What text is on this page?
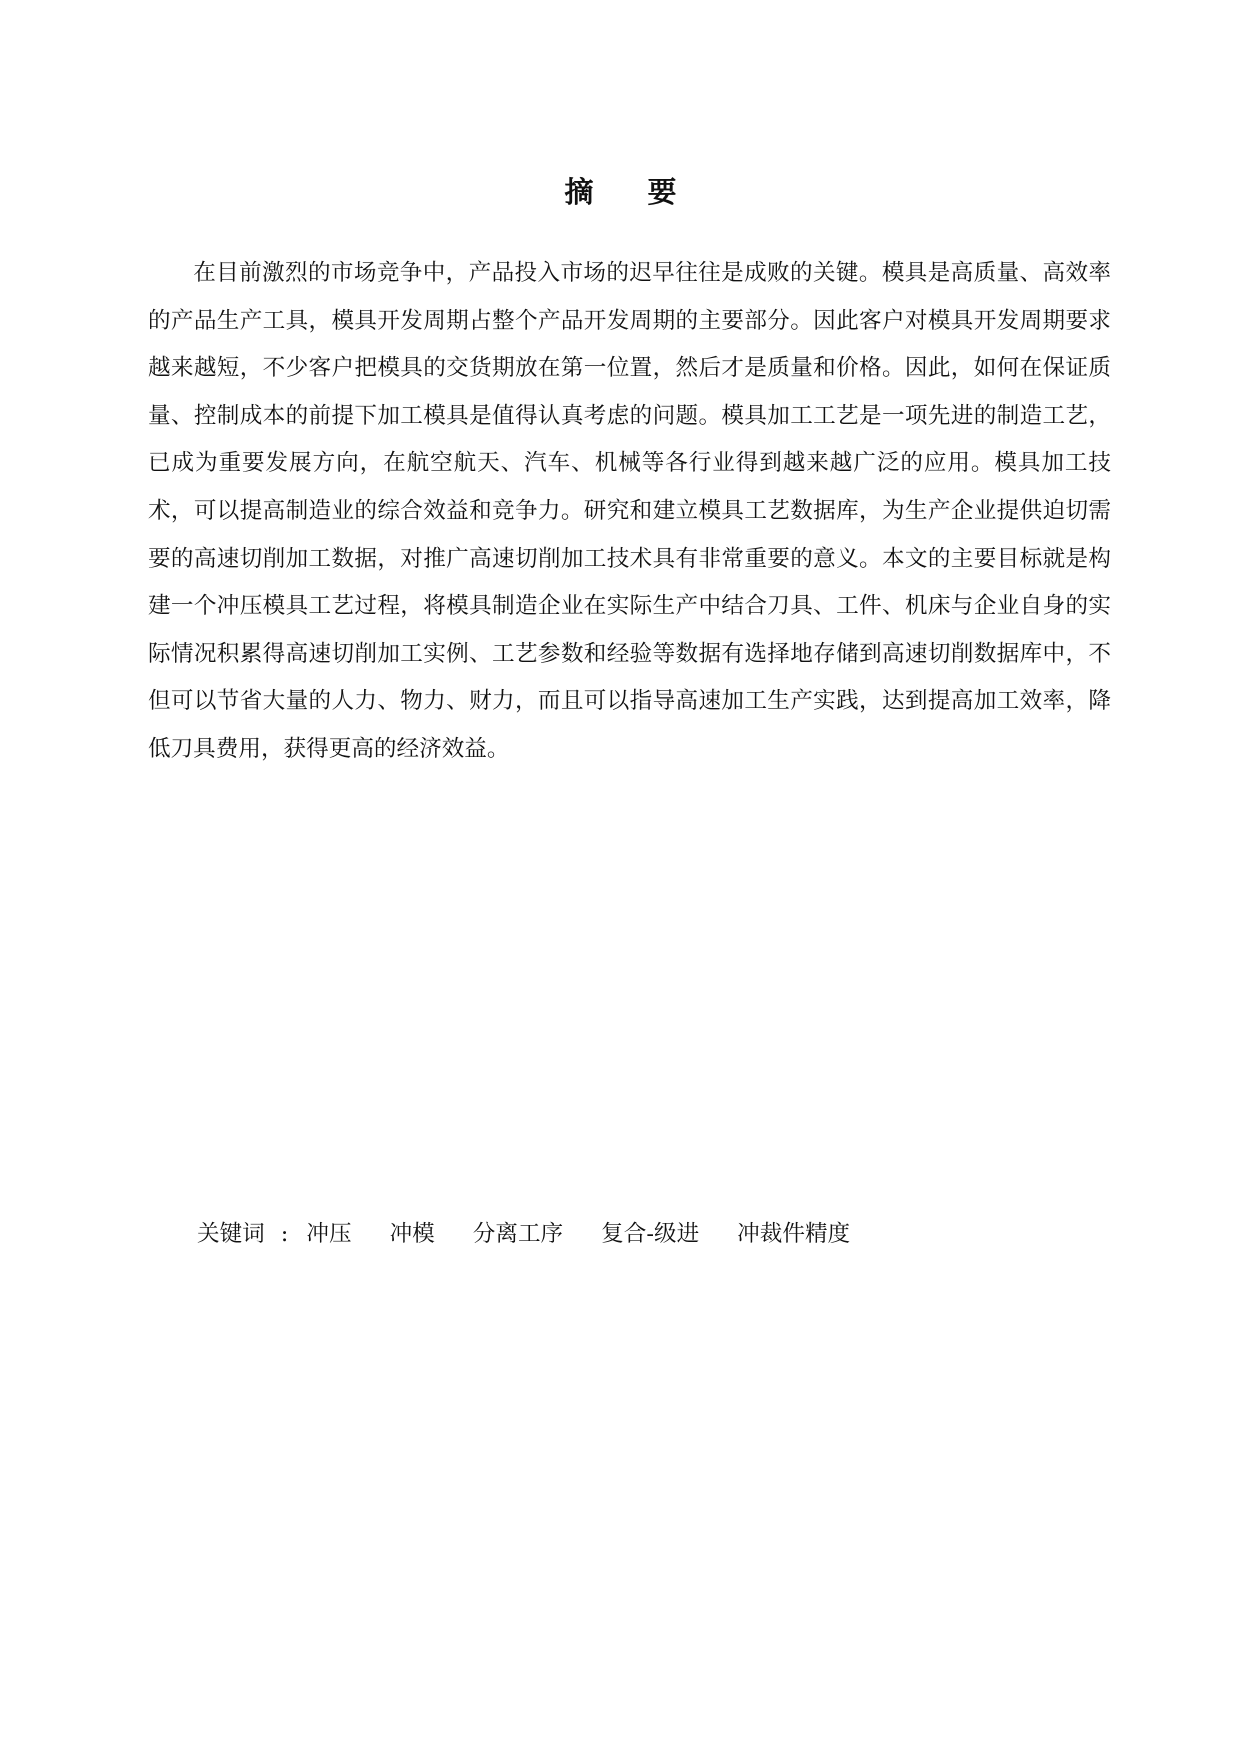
摘 要

在目前激烈的市场竞争中，产品投入市场的迟早往往是成败的关键。模具是高质量、高效率的产品生产工具，模具开发周期占整个产品开发周期的主要部分。因此客户对模具开发周期要求越来越短，不少客户把模具的交货期放在第一位置，然后才是质量和价格。因此，如何在保证质量、控制成本的前提下加工模具是值得认真考虑的问题。模具加工工艺是一项先进的制造工艺，已成为重要发展方向，在航空航天、汽车、机械等各行业得到越来越广泛的应用。模具加工技术，可以提高制造业的综合效益和竞争力。研究和建立模具工艺数据库，为生产企业提供迫切需要的高速切削加工数据，对推广高速切削加工技术具有非常重要的意义。本文的主要目标就是构建一个冲压模具工艺过程，将模具制造企业在实际生产中结合刀具、工件、机床与企业自身的实际情况积累得高速切削加工实例、工艺参数和经验等数据有选择地存储到高速切削数据库中，不但可以节省大量的人力、物力、财力，而且可以指导高速加工生产实践，达到提高加工效率，降低刀具费用，获得更高的经济效益。

关键词 : 冲压 冲模 分离工序 复合-级进 冲裁件精度
